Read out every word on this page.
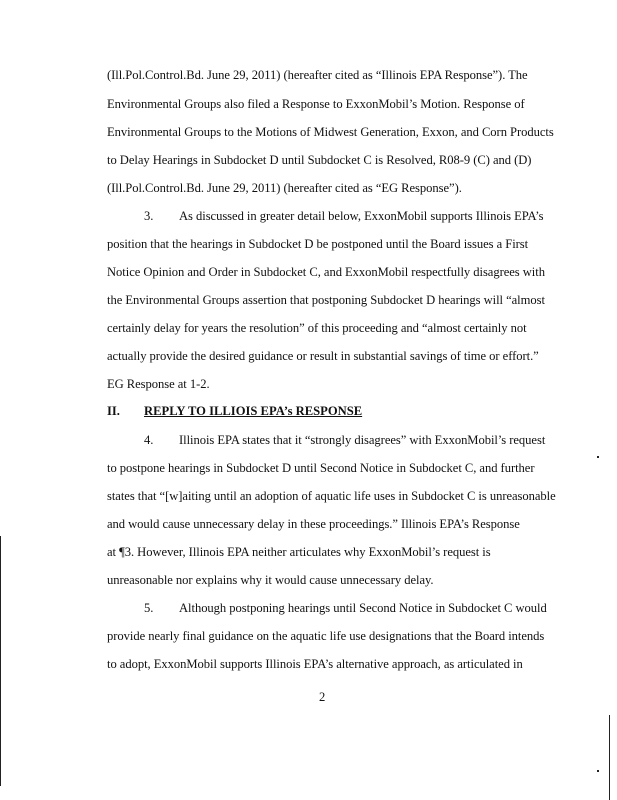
(Ill.Pol.Control.Bd. June 29, 2011) (hereafter cited as “Illinois EPA Response”). The
Environmental Groups also filed a Response to ExxonMobil’s Motion. Response of
Environmental Groups to the Motions of Midwest Generation, Exxon, and Corn Products
to Delay Hearings in Subdocket D until Subdocket C is Resolved, R08-9 (C) and (D)
(Ill.Pol.Control.Bd. June 29, 2011) (hereafter cited as “EG Response”).
3. As discussed in greater detail below, ExxonMobil supports Illinois EPA’s
position that the hearings in Subdocket D be postponed until the Board issues a First
Notice Opinion and Order in Subdocket C, and ExxonMobil respectfully disagrees with
the Environmental Groups assertion that postponing Subdocket D hearings will “almost
certainly delay for years the resolution” of this proceeding and “almost certainly not
actually provide the desired guidance or result in substantial savings of time or effort.”
EG Response at 1-2.
II. REPLY TO ILLIOIS EPA’s RESPONSE
4. Illinois EPA states that it “strongly disagrees” with ExxonMobil’s request
to postpone hearings in Subdocket D until Second Notice in Subdocket C, and further
states that “[w]aiting until an adoption of aquatic life uses in Subdocket C is unreasonable
and would cause unnecessary delay in these proceedings.” Illinois EPA’s Response
at ¶3. However, Illinois EPA neither articulates why ExxonMobil’s request is
unreasonable nor explains why it would cause unnecessary delay.
5. Although postponing hearings until Second Notice in Subdocket C would
provide nearly final guidance on the aquatic life use designations that the Board intends
to adopt, ExxonMobil supports Illinois EPA’s alternative approach, as articulated in
2
